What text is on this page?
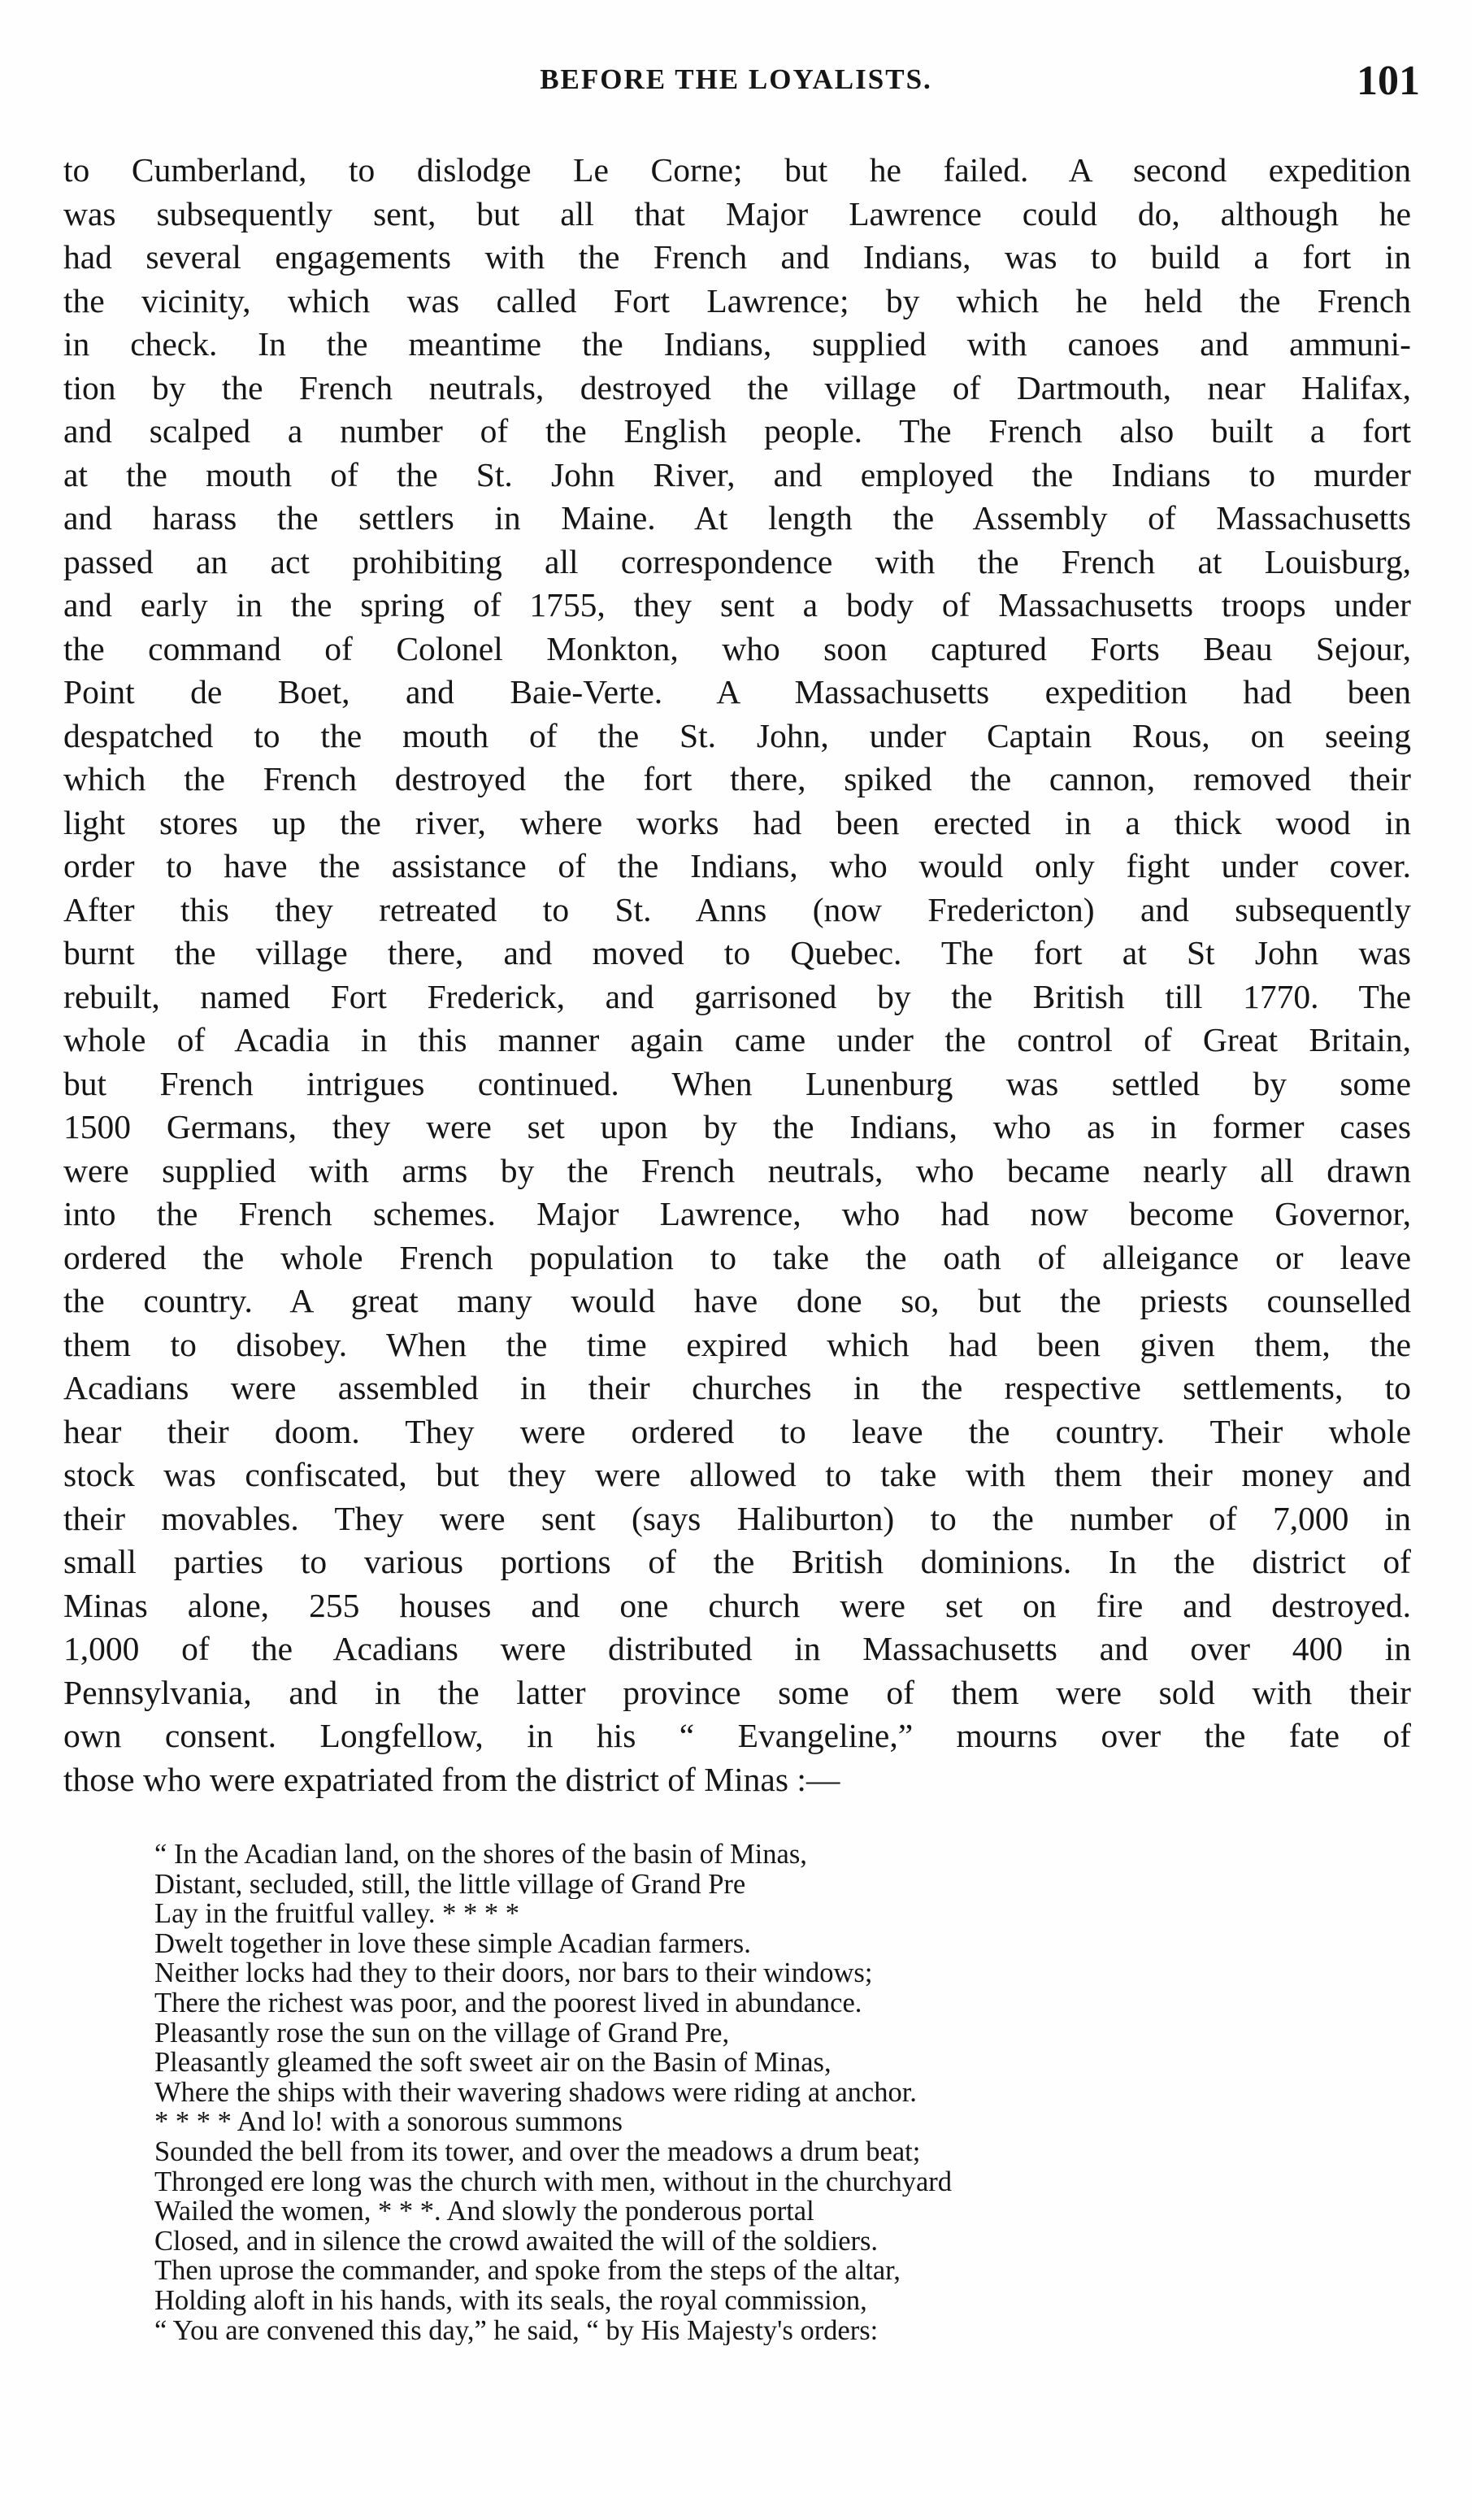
BEFORE THE LOYALISTS.	101
to Cumberland, to dislodge Le Corne; but he failed. A second expedition
was subsequently sent, but all that Major Lawrence could do, although he
had several engagements with the French and Indians, was to build a fort in
the vicinity, which was called Fort Lawrence; by which he held the French
in check. In the meantime the Indians, supplied with canoes and ammuni-
tion by the French neutrals, destroyed the village of Dartmouth, near Halifax,
and scalped a number of the English people. The French also built a fort
at the mouth of the St. John River, and employed the Indians to murder
and harass the settlers in Maine. At length the Assembly of Massachusetts
passed an act prohibiting all correspondence with the French at Louisburg,
and early in the spring of 1755, they sent a body of Massachusetts troops under
the command of Colonel Monkton, who soon captured Forts Beau Sejour,
Point de Boet, and Baie-Verte. A Massachusetts expedition had been
despatched to the mouth of the St. John, under Captain Rous, on seeing
which the French destroyed the fort there, spiked the cannon, removed their
light stores up the river, where works had been erected in a thick wood in
order to have the assistance of the Indians, who would only fight under cover.
After this they retreated to St. Anns (now Fredericton) and subsequently
burnt the village there, and moved to Quebec. The fort at St John was
rebuilt, named Fort Frederick, and garrisoned by the British till 1770. The
whole of Acadia in this manner again came under the control of Great Britain,
but French intrigues continued. When Lunenburg was settled by some
1500 Germans, they were set upon by the Indians, who as in former cases
were supplied with arms by the French neutrals, who became nearly all drawn
into the French schemes. Major Lawrence, who had now become Governor,
ordered the whole French population to take the oath of alleigance or leave
the country. A great many would have done so, but the priests counselled
them to disobey. When the time expired which had been given them, the
Acadians were assembled in their churches in the respective settlements, to
hear their doom. They were ordered to leave the country. Their whole
stock was confiscated, but they were allowed to take with them their money and
their movables. They were sent (says Haliburton) to the number of 7,000 in
small parties to various portions of the British dominions. In the district of
Minas alone, 255 houses and one church were set on fire and destroyed.
1,000 of the Acadians were distributed in Massachusetts and over 400 in
Pennsylvania, and in the latter province some of them were sold with their
own consent. Longfellow, in his “ Evangeline,” mourns over the fate of
those who were expatriated from the district of Minas :—
“ In the Acadian land, on the shores of the basin of Minas,
Distant, secluded, still, the little village of Grand Pre
Lay in the fruitful valley. * * * *
Dwelt together in love these simple Acadian farmers.
Neither locks had they to their doors, nor bars to their windows;
There the richest was poor, and the poorest lived in abundance.
Pleasantly rose the sun on the village of Grand Pre,
Pleasantly gleamed the soft sweet air on the Basin of Minas,
Where the ships with their wavering shadows were riding at anchor.
* * * * And lo! with a sonorous summons
Sounded the bell from its tower, and over the meadows a drum beat;
Thronged ere long was the church with men, without in the churchyard
Wailed the women, * * *. And slowly the ponderous portal
Closed, and in silence the crowd awaited the will of the soldiers.
Then uprose the commander, and spoke from the steps of the altar,
Holding aloft in his hands, with its seals, the royal commission,
“ You are convened this day,” he said, “ by His Majesty's orders:
